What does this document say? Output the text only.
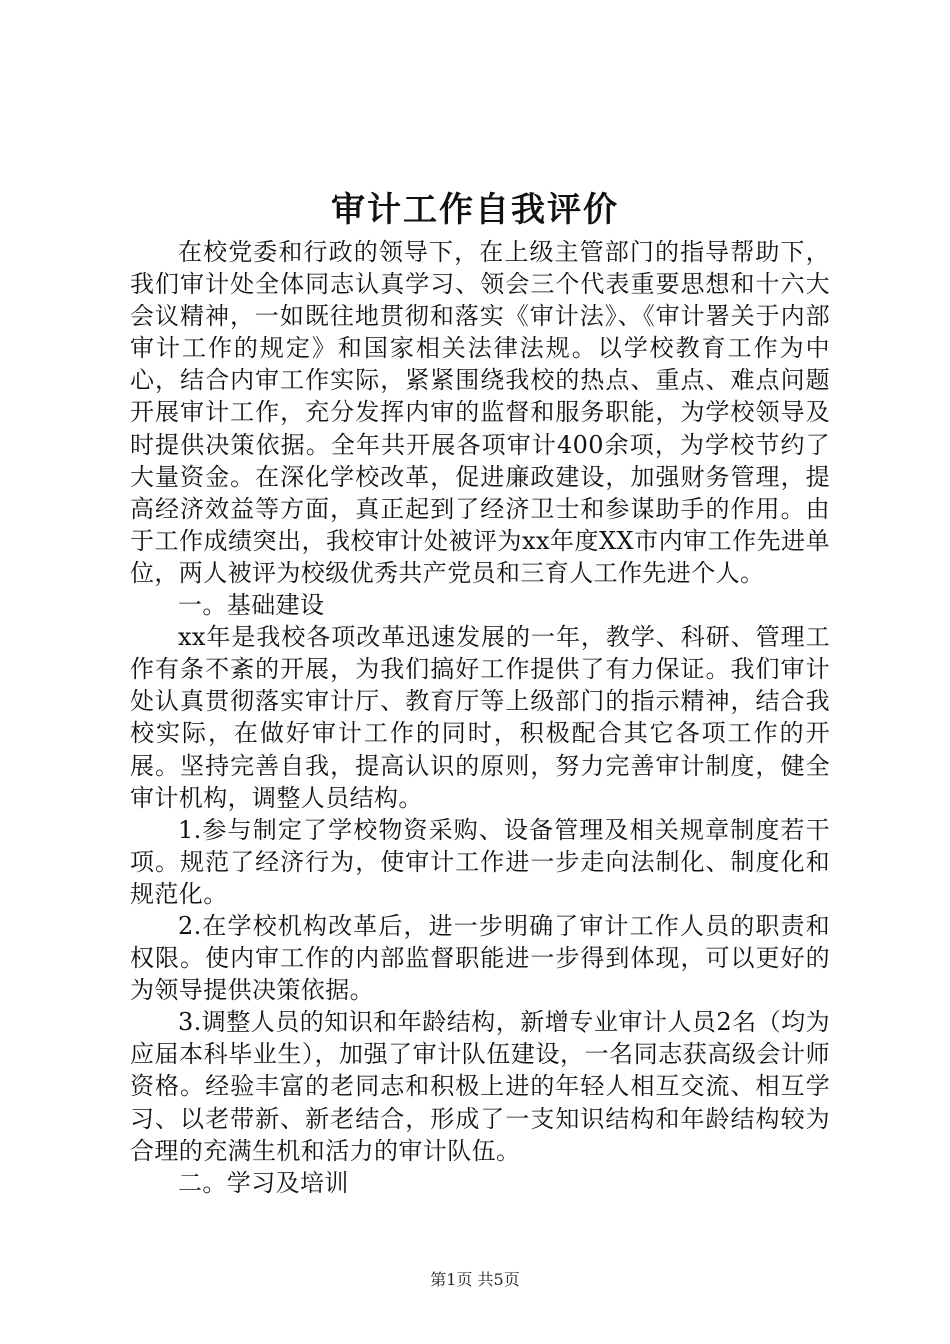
审计工作自我评价

在校党委和行政的领导下，在上级主管部门的指导帮助下，我们审计处全体同志认真学习、领会三个代表重要思想和十六大会议精神，一如既往地贯彻和落实《审计法》、《审计署关于内部审计工作的规定》和国家相关法律法规。以学校教育工作为中心，结合内审工作实际，紧紧围绕我校的热点、重点、难点问题开展审计工作，充分发挥内审的监督和服务职能，为学校领导及时提供决策依据。全年共开展各项审计400余项，为学校节约了大量资金。在深化学校改革，促进廉政建设，加强财务管理，提高经济效益等方面，真正起到了经济卫士和参谋助手的作用。由于工作成绩突出，我校审计处被评为xx年度XX市内审工作先进单位，两人被评为校级优秀共产党员和三育人工作先进个人。

一。基础建设

xx年是我校各项改革迅速发展的一年，教学、科研、管理工作有条不紊的开展，为我们搞好工作提供了有力保证。我们审计处认真贯彻落实审计厅、教育厅等上级部门的指示精神，结合我校实际，在做好审计工作的同时，积极配合其它各项工作的开展。坚持完善自我，提高认识的原则，努力完善审计制度，健全审计机构，调整人员结构。

1.参与制定了学校物资采购、设备管理及相关规章制度若干项。规范了经济行为，使审计工作进一步走向法制化、制度化和规范化。

2.在学校机构改革后，进一步明确了审计工作人员的职责和权限。使内审工作的内部监督职能进一步得到体现，可以更好的为领导提供决策依据。

3.调整人员的知识和年龄结构，新增专业审计人员2名（均为应届本科毕业生），加强了审计队伍建设，一名同志获高级会计师资格。经验丰富的老同志和积极上进的年轻人相互交流、相互学习、以老带新、新老结合，形成了一支知识结构和年龄结构较为合理的充满生机和活力的审计队伍。

二。学习及培训

第1页 共5页
